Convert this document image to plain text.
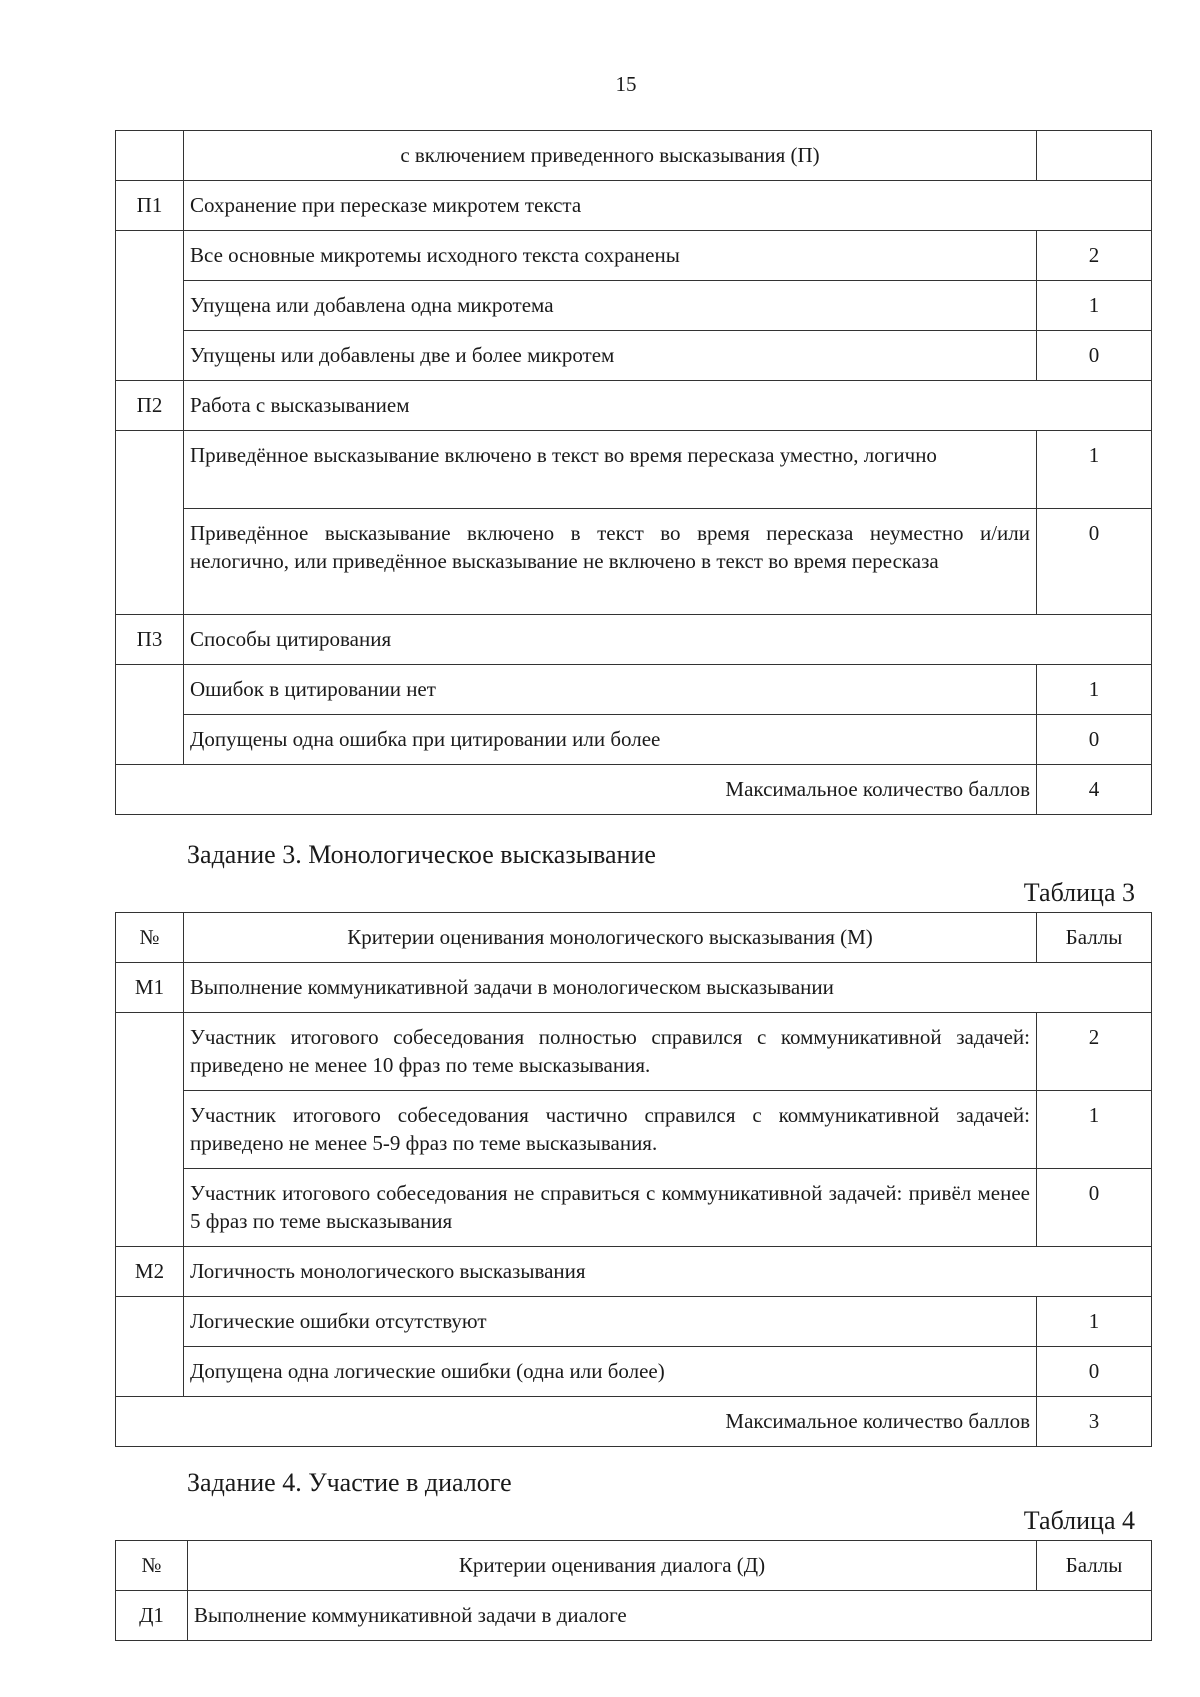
15
	с включением приведенного высказывания (П)	
П1	Сохранение при пересказе микротем текста	
	Все основные микротемы исходного текста сохранены	2
	Упущена или добавлена одна микротема	1
	Упущены или добавлены две и более микротем	0
П2	Работа с высказыванием	
	Приведённое высказывание включено в текст во время пересказа уместно, логично	1
	Приведённое высказывание включено в текст во время пересказа неуместно и/или нелогично, или приведённое высказывание не включено в текст во время пересказа	0
П3	Способы цитирования	
	Ошибок в цитировании нет	1
	Допущены одна ошибка при цитировании или более	0
Максимальное количество баллов		4
Задание 3. Монологическое высказывание
Таблица 3
№	Критерии оценивания монологического высказывания (М)	Баллы
М1	Выполнение коммуникативной задачи в монологическом высказывании	
	Участник итогового собеседования полностью справился с коммуникативной задачей: приведено не менее 10 фраз по теме высказывания.	2
	Участник итогового собеседования частично справился с коммуникативной задачей: приведено не менее 5-9 фраз по теме высказывания.	1
	Участник итогового собеседования не справиться с коммуникативной задачей: привёл менее 5 фраз по теме высказывания	0
М2	Логичность монологического высказывания	
	Логические ошибки отсутствуют	1
	Допущена одна логические ошибки (одна или более)	0
Максимальное количество баллов		3
Задание 4. Участие в диалоге
Таблица 4
№	Критерии оценивания диалога (Д)	Баллы
Д1	Выполнение коммуникативной задачи в диалоге	
